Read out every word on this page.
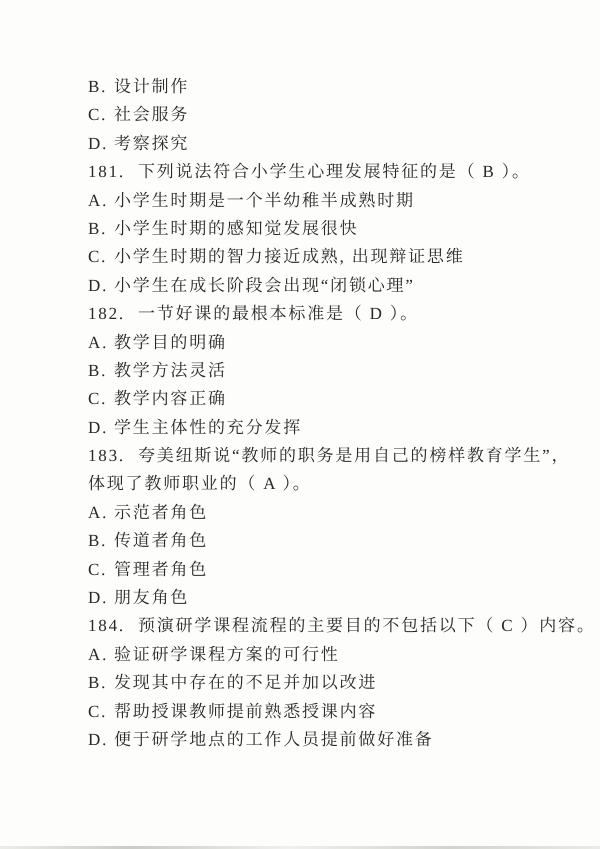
B. 设计制作
C. 社会服务
D. 考察探究
181. 下列说法符合小学生心理发展特征的是（ B ）。
A. 小学生时期是一个半幼稚半成熟时期
B. 小学生时期的感知觉发展很快
C. 小学生时期的智力接近成熟, 出现辩证思维
D. 小学生在成长阶段会出现“闭锁心理”
182. 一节好课的最根本标准是（ D ）。
A. 教学目的明确
B. 教学方法灵活
C. 教学内容正确
D. 学生主体性的充分发挥
183. 夸美纽斯说“教师的职务是用自己的榜样教育学生”，
体现了教师职业的（ A ）。
A. 示范者角色
B. 传道者角色
C. 管理者角色
D. 朋友角色
184. 预演研学课程流程的主要目的不包括以下（ C ）内容。
A. 验证研学课程方案的可行性
B. 发现其中存在的不足并加以改进
C. 帮助授课教师提前熟悉授课内容
D. 便于研学地点的工作人员提前做好准备
